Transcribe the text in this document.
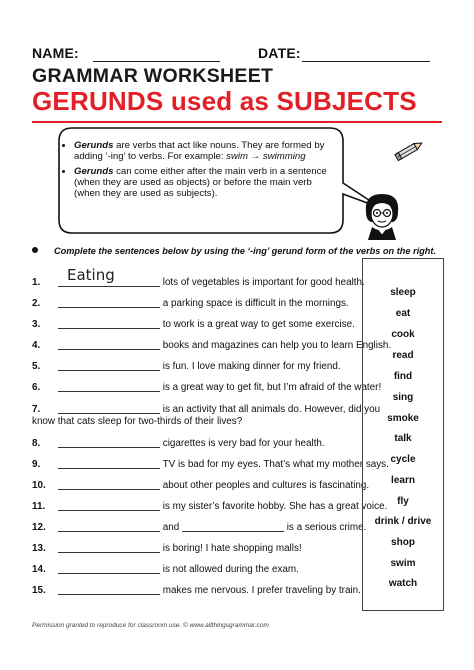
NAME:	DATE:
GRAMMAR WORKSHEET
GERUNDS used as SUBJECTS
• Gerunds are verbs that act like nouns. They are formed by adding ‘-ing’ to verbs. For example: swim → swimming
• Gerunds can come either after the main verb in a sentence (when they are used as objects) or before the main verb (when they are used as subjects).
Complete the sentences below by using the ‘-ing’ gerund form of the verbs on the right.
1.	lots of vegetables is important for good health.
Eating
2.	a parking space is difficult in the mornings.
3.	to work is a great way to get some exercise.
4.	books and magazines can help you to learn English.
5.	is fun. I love making dinner for my friend.
6.	is a great way to get fit, but I’m afraid of the water!
7.	is an activity that all animals do. However, did you
know that cats sleep for two-thirds of their lives?
8.	cigarettes is very bad for your health.
9.	TV is bad for my eyes. That’s what my mother says.
10.	about other peoples and cultures is fascinating.
11.	is my sister’s favorite hobby. She has a great voice.
12.	and	is a serious crime.
13.	is boring! I hate shopping malls!
14.	is not allowed during the exam.
15.	makes me nervous. I prefer traveling by train.
sleep
eat
cook
read
find
sing
smoke
talk
cycle
learn
fly
drink / drive
shop
swim
watch
Permission granted to reproduce for classroom use. © www.allthingsgrammar.com
